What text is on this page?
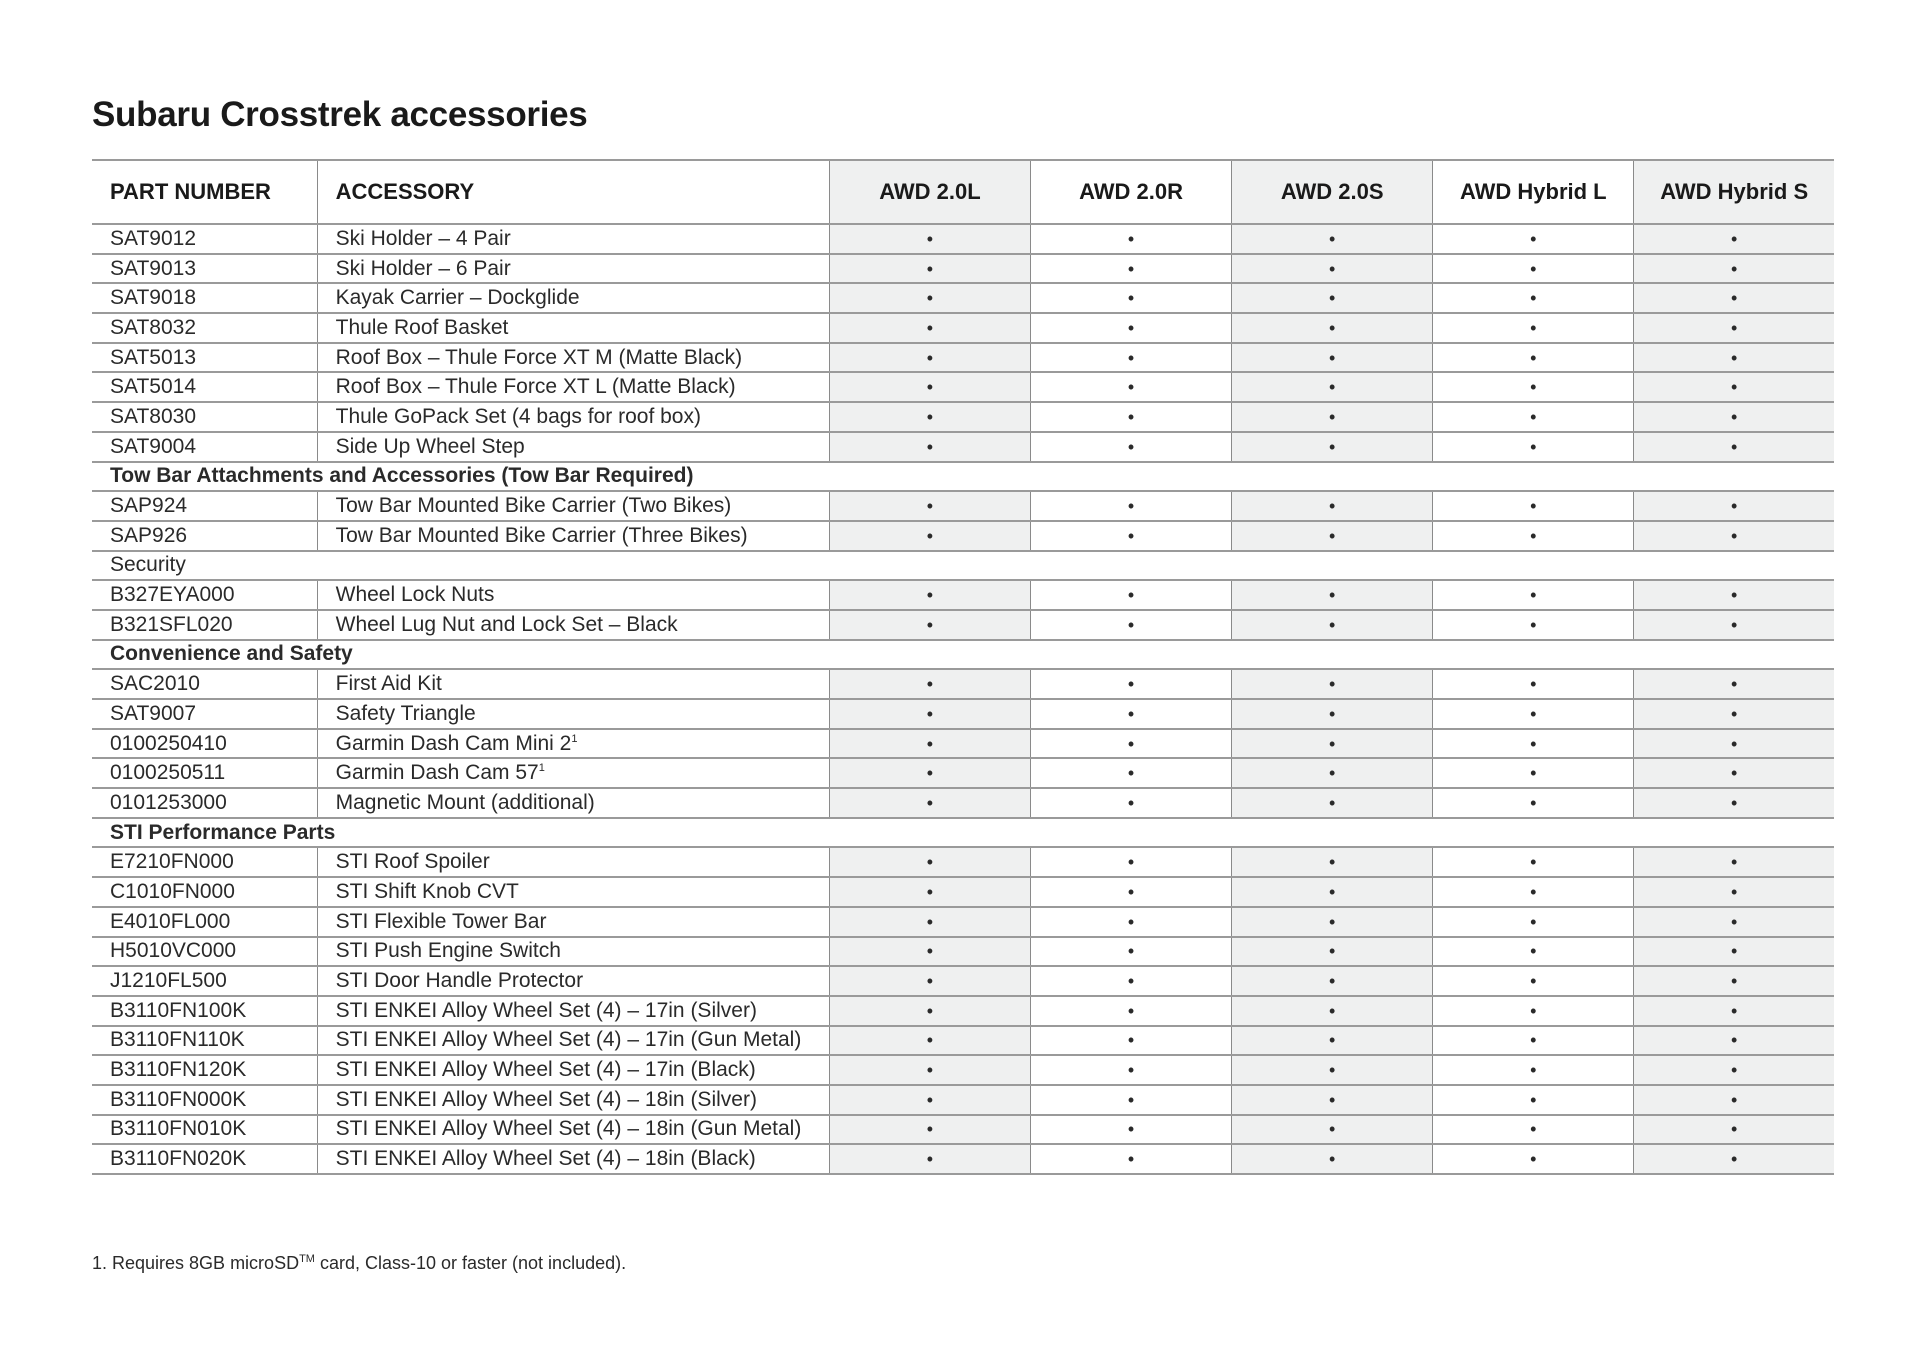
Subaru Crosstrek accessories
PART NUMBER	ACCESSORY	AWD 2.0L	AWD 2.0R	AWD 2.0S	AWD Hybrid L	AWD Hybrid S
SAT9012	Ski Holder – 4 Pair	•	•	•	•	•
SAT9013	Ski Holder – 6 Pair	•	•	•	•	•
SAT9018	Kayak Carrier – Dockglide	•	•	•	•	•
SAT8032	Thule Roof Basket	•	•	•	•	•
SAT5013	Roof Box – Thule Force XT M (Matte Black)	•	•	•	•	•
SAT5014	Roof Box – Thule Force XT L (Matte Black)	•	•	•	•	•
SAT8030	Thule GoPack Set (4 bags for roof box)	•	•	•	•	•
SAT9004	Side Up Wheel Step	•	•	•	•	•
Tow Bar Attachments and Accessories (Tow Bar Required)						
SAP924	Tow Bar Mounted Bike Carrier (Two Bikes)	•	•	•	•	•
SAP926	Tow Bar Mounted Bike Carrier (Three Bikes)	•	•	•	•	•
Security						
B327EYA000	Wheel Lock Nuts	•	•	•	•	•
B321SFL020	Wheel Lug Nut and Lock Set – Black	•	•	•	•	•
Convenience and Safety						
SAC2010	First Aid Kit	•	•	•	•	•
SAT9007	Safety Triangle	•	•	•	•	•
0100250410	Garmin Dash Cam Mini $2^1$	•	•	•	•	•
0100250511	Garmin Dash Cam $57^1$	•	•	•	•	•
0101253000	Magnetic Mount (additional)	•	•	•	•	•
STI Performance Parts						
E7210FN000	STI Roof Spoiler	•	•	•	•	•
C1010FN000	STI Shift Knob CVT	•	•	•	•	•
E4010FL000	STI Flexible Tower Bar	•	•	•	•	•
H5010VC000	STI Push Engine Switch	•	•	•	•	•
J1210FL500	STI Door Handle Protector	•	•	•	•	•
B3110FN100K	STI ENKEI Alloy Wheel Set (4) – 17in (Silver)	•	•	•	•	•
B3110FN110K	STI ENKEI Alloy Wheel Set (4) – 17in (Gun Metal)	•	•	•	•	•
B3110FN120K	STI ENKEI Alloy Wheel Set (4) – 17in (Black)	•	•	•	•	•
B3110FN000K	STI ENKEI Alloy Wheel Set (4) – 18in (Silver)	•	•	•	•	•
B3110FN010K	STI ENKEI Alloy Wheel Set (4) – 18in (Gun Metal)	•	•	•	•	•
B3110FN020K	STI ENKEI Alloy Wheel Set (4) – 18in (Black)	•	•	•	•	•
1. Requires 8GB microSD™ card, Class-10 or faster (not included).
